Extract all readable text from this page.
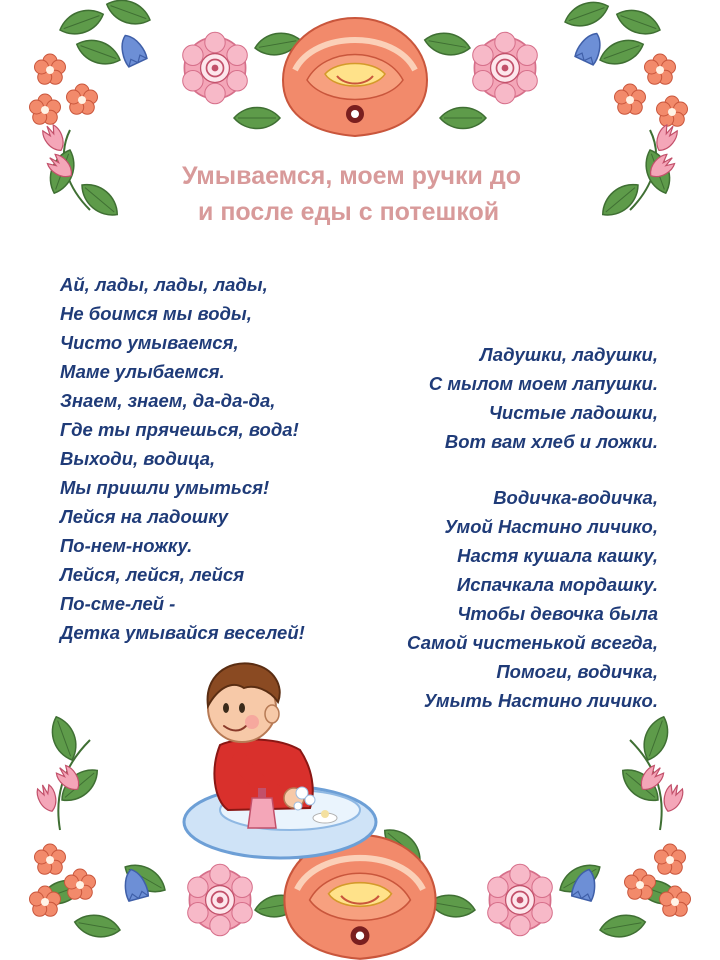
Умываемся, моем ручки до
и после еды с потешкой
Ай, лады, лады, лады,
Не боимся мы воды,
Чисто умываемся,
Маме улыбаемся.
Знаем, знаем, да-да-да,
Где ты прячешься, вода!
Выходи, водица,
Мы пришли умыться!
Лейся на ладошку
По-нем-ножку.
Лейся, лейся, лейся
По-сме-лей -
Детка умывайся веселей!
Ладушки, ладушки,
С мылом моем лапушки.
Чистые ладошки,
Вот вам хлеб и ложки.
Водичка-водичка,
Умой Настино личико,
Настя кушала кашку,
Испачкала мордашку.
Чтобы девочка была
Самой чистенькой всегда,
Помоги, водичка,
Умыть Настино личико.
